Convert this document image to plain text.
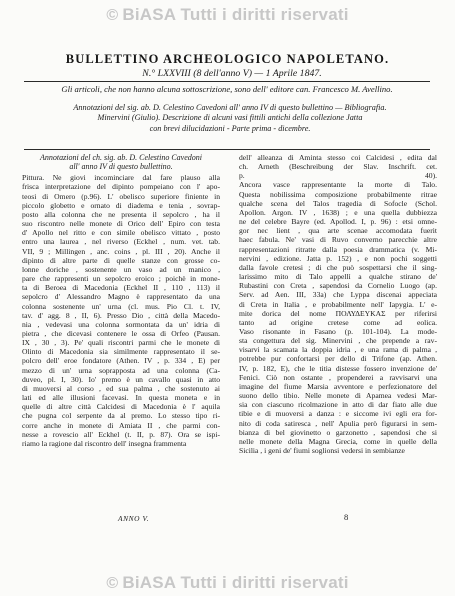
© BiASA Tutti i diritti riservati
BULLETTINO ARCHEOLOGICO NAPOLETANO.
N.° LXXVIII (8 dell'anno V) — 1 Aprile 1847.
Gli articoli, che non hanno alcuna sottoscrizione, sono dell' editore can. Francesco M. Avellino.
Annotazioni del sig. ab. D. Celestino Cavedoni all' anno IV di questo bullettino — Bibliografia.
Minervini (Giulio). Descrizione di alcuni vasi fittili antichi della collezione Jatta
con brevi dilucidazioni - Parte prima - dicembre.
Annotazioni del ch. sig. ab. D. Celestino Cavedoni
all' anno IV di questo bullettino.
Pittura. Ne giovi incominciare dal fare plauso alla
frisca interpretazione del dipinto pompeiano con l' apo-
teosi di Omero (p.96). L' obelisco superiore finiente in
piccolo globetto e ornato di diadema e tenia , sovrap-
posto alla colonna che ne presenta il sepolcro , ha il
suo riscontro nelle monete di Orico dell' Epiro con testa
d' Apollo nel ritto e con simile obelisco vittato , posto
entro una laurea , nel riverso (Eckhel , num. vet. tab.
VII, 9 ; Millingen , anc. coins , pl. III , 20). Anche il
dipinto di altre parte di quelle stanze con grosse co-
lonne doriche , sostenente un vaso ad un manico ,
pare che rappresenti un sepolcro eroico ; poichè in mone-
ta di Beroea di Macedonia (Eckhel II , 110 , 113) il
sepolcro d' Alessandro Magno è rappresentato da una
colonna sostenente un' urna (cl. mus. Pio Cl. t. IV,
tav. d' agg. 8 , II, 6). Presso Dio , città della Macedo-
nia , vedevasi una colonna sormontata da un' idria di
pietra , che dicevasi contenere le ossa di Orfeo (Pausan.
IX , 30 , 3). Pe' quali riscontri parmi che le monete di
Olinto di Macedonia sia similmente rappresentato il se-
polcro dell' eroe fondatore (Athen. IV , p. 334 , E) per
mezzo di un' urna soprapposta ad una colonna (Ca-
duveo, pl. I, 30). Io' premo è un cavallo quasi in atto
di muoversi al corso , ed sua palma , che sostenuto ai
lati ed alle illusioni facevasi. In questa moneta e in
quelle di altre città Calcidesi di Macedonia è l' aquila
che pugna col serpente da al premo. Lo stesso tipo ri-
corre anche in monete di Amiata II , che parmi con-
nesse a rovescio all' Eckhel (t. II, p. 87). Ora se ispi-
riamo la ragione dal riscontro dell' insegna frammenta
dell' alleanza di Aminta stesso coi Calcidesi , edita dal
ch. Arneth (Beschreibung der Slav. Inschrift. cet.
p. 40).
Ancora vasce rappresentante la morte di Talo.
Questa nobilissima composizione probabilmente ritrae
qualche scena del Talos tragedia di Sofocle (Schol.
Apollon. Argon. IV , 1638) ; e una quella dubbiezza
ne del celebre Bayre (ed. Apollod. I, p. 96) : etsi omne-
gor nec lient , qua arte scenae accomodata fuerit
haec fabula. Ne' vasi di Ruvo converno parecchie altre
rappresentazioni ritratte dalla poesia drammatica (v. Mi-
nervini , edizione. Jatta p. 152) , e non pochi soggetti
dalla favole cretesi ; di che può sospettarsi che il sing-
larissimo mito di Talo appellì a qualche stirano de'
Rubastini con Creta , sapendosi da Cornelio Luogo (ap.
Serv. ad Aen. III, 33a) che Lyppa discenai appeciata
di Creta in Italia , e probabilmente nell' Iapygia. L' e-
mite dorica del nome ΠΟΛΥΔΕΥΚΑΣ per riferirsi
tanto ad origine cretese come ad eolica.
Vaso risonante in Fasano (p. 101-104). La mode-
sta congettura del sig. Minervini , che prepende a rav-
visarvi la scamata la doppia idria , e una rama di palma ,
potrebbe pur confortarsi per dello di Trifone (ap. Athen.
IV, p. 182, E), che le titia distesse fossero invenzione de'
Fenici. Ciò non ostante , propenderei a ravvisarvi una
imagine del fiume Marsia avventore e perfezionatore del
suono dello tibio. Nelle monete di Apamea vedesi Mar-
sia con ciascuno ricolmazione in atto di dar fiato alle due
tibie e di muoversi a danza : e siccome ivi egli era for-
nito di coda satiresca , nell' Apulia però figurarsi in sem-
bianza di bel giovinetto o garzonetto , sapendosi che si
nelle monete della Magna Grecia, come in quelle della
Sicilia , i geni de' fiumi soglionsi vedersi in sembianze
ANNO V.	8
© BiASA Tutti i diritti riservati
